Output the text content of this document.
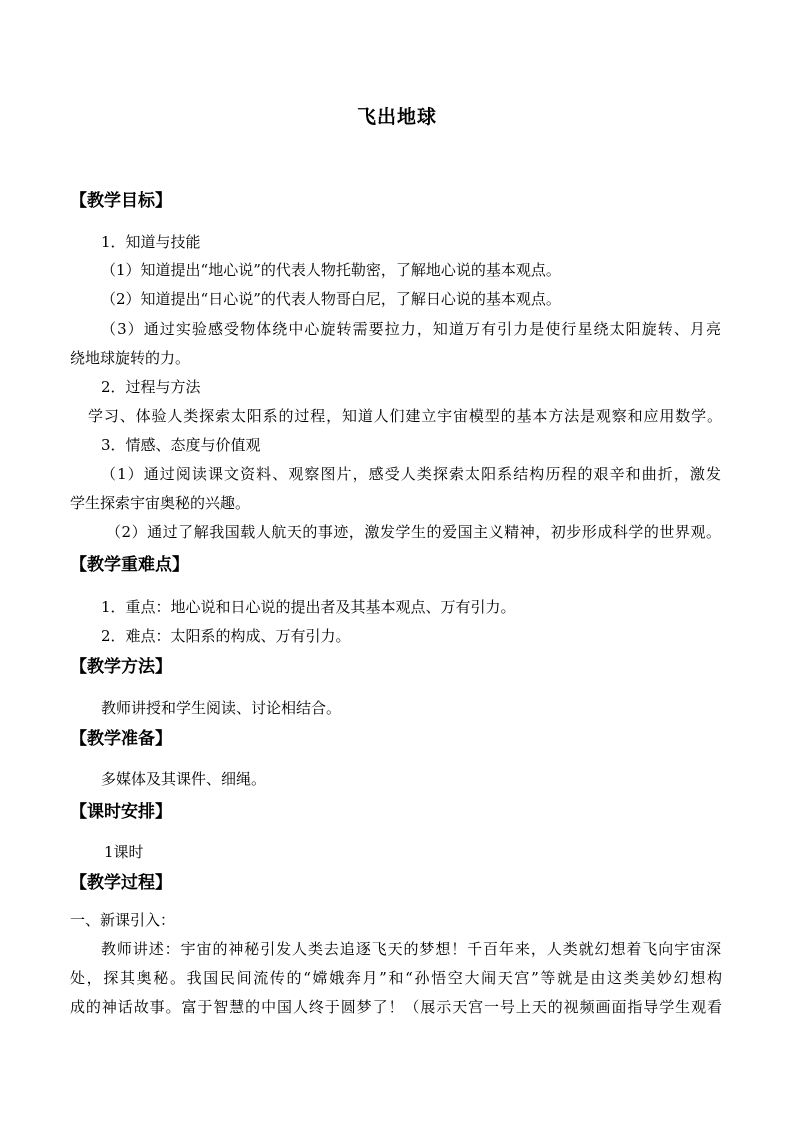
飞出地球
【教学目标】
1．知道与技能
（1）知道提出“地心说”的代表人物托勒密，了解地心说的基本观点。
（2）知道提出“日心说”的代表人物哥白尼，了解日心说的基本观点。
（3）通过实验感受物体绕中心旋转需要拉力，知道万有引力是使行星绕太阳旋转、月亮
绕地球旋转的力。
2．过程与方法
学习、体验人类探索太阳系的过程，知道人们建立宇宙模型的基本方法是观察和应用数学。
3．情感、态度与价值观
（1）通过阅读课文资料、观察图片，感受人类探索太阳系结构历程的艰辛和曲折，激发
学生探索宇宙奥秘的兴趣。
（2）通过了解我国载人航天的事迹，激发学生的爱国主义精神，初步形成科学的世界观。
【教学重难点】
1．重点：地心说和日心说的提出者及其基本观点、万有引力。
2．难点：太阳系的构成、万有引力。
【教学方法】
教师讲授和学生阅读、讨论相结合。
【教学准备】
多媒体及其课件、细绳。
【课时安排】
1课时
【教学过程】
一、新课引入：
教师讲述：宇宙的神秘引发人类去追逐飞天的梦想！千百年来，人类就幻想着飞向宇宙深
处，探其奥秘。我国民间流传的“嫦娥奔月”和“孙悟空大闹天宫”等就是由这类美妙幻想构
成的神话故事。富于智慧的中国人终于圆梦了！（展示天宫一号上天的视频画面指导学生观看
